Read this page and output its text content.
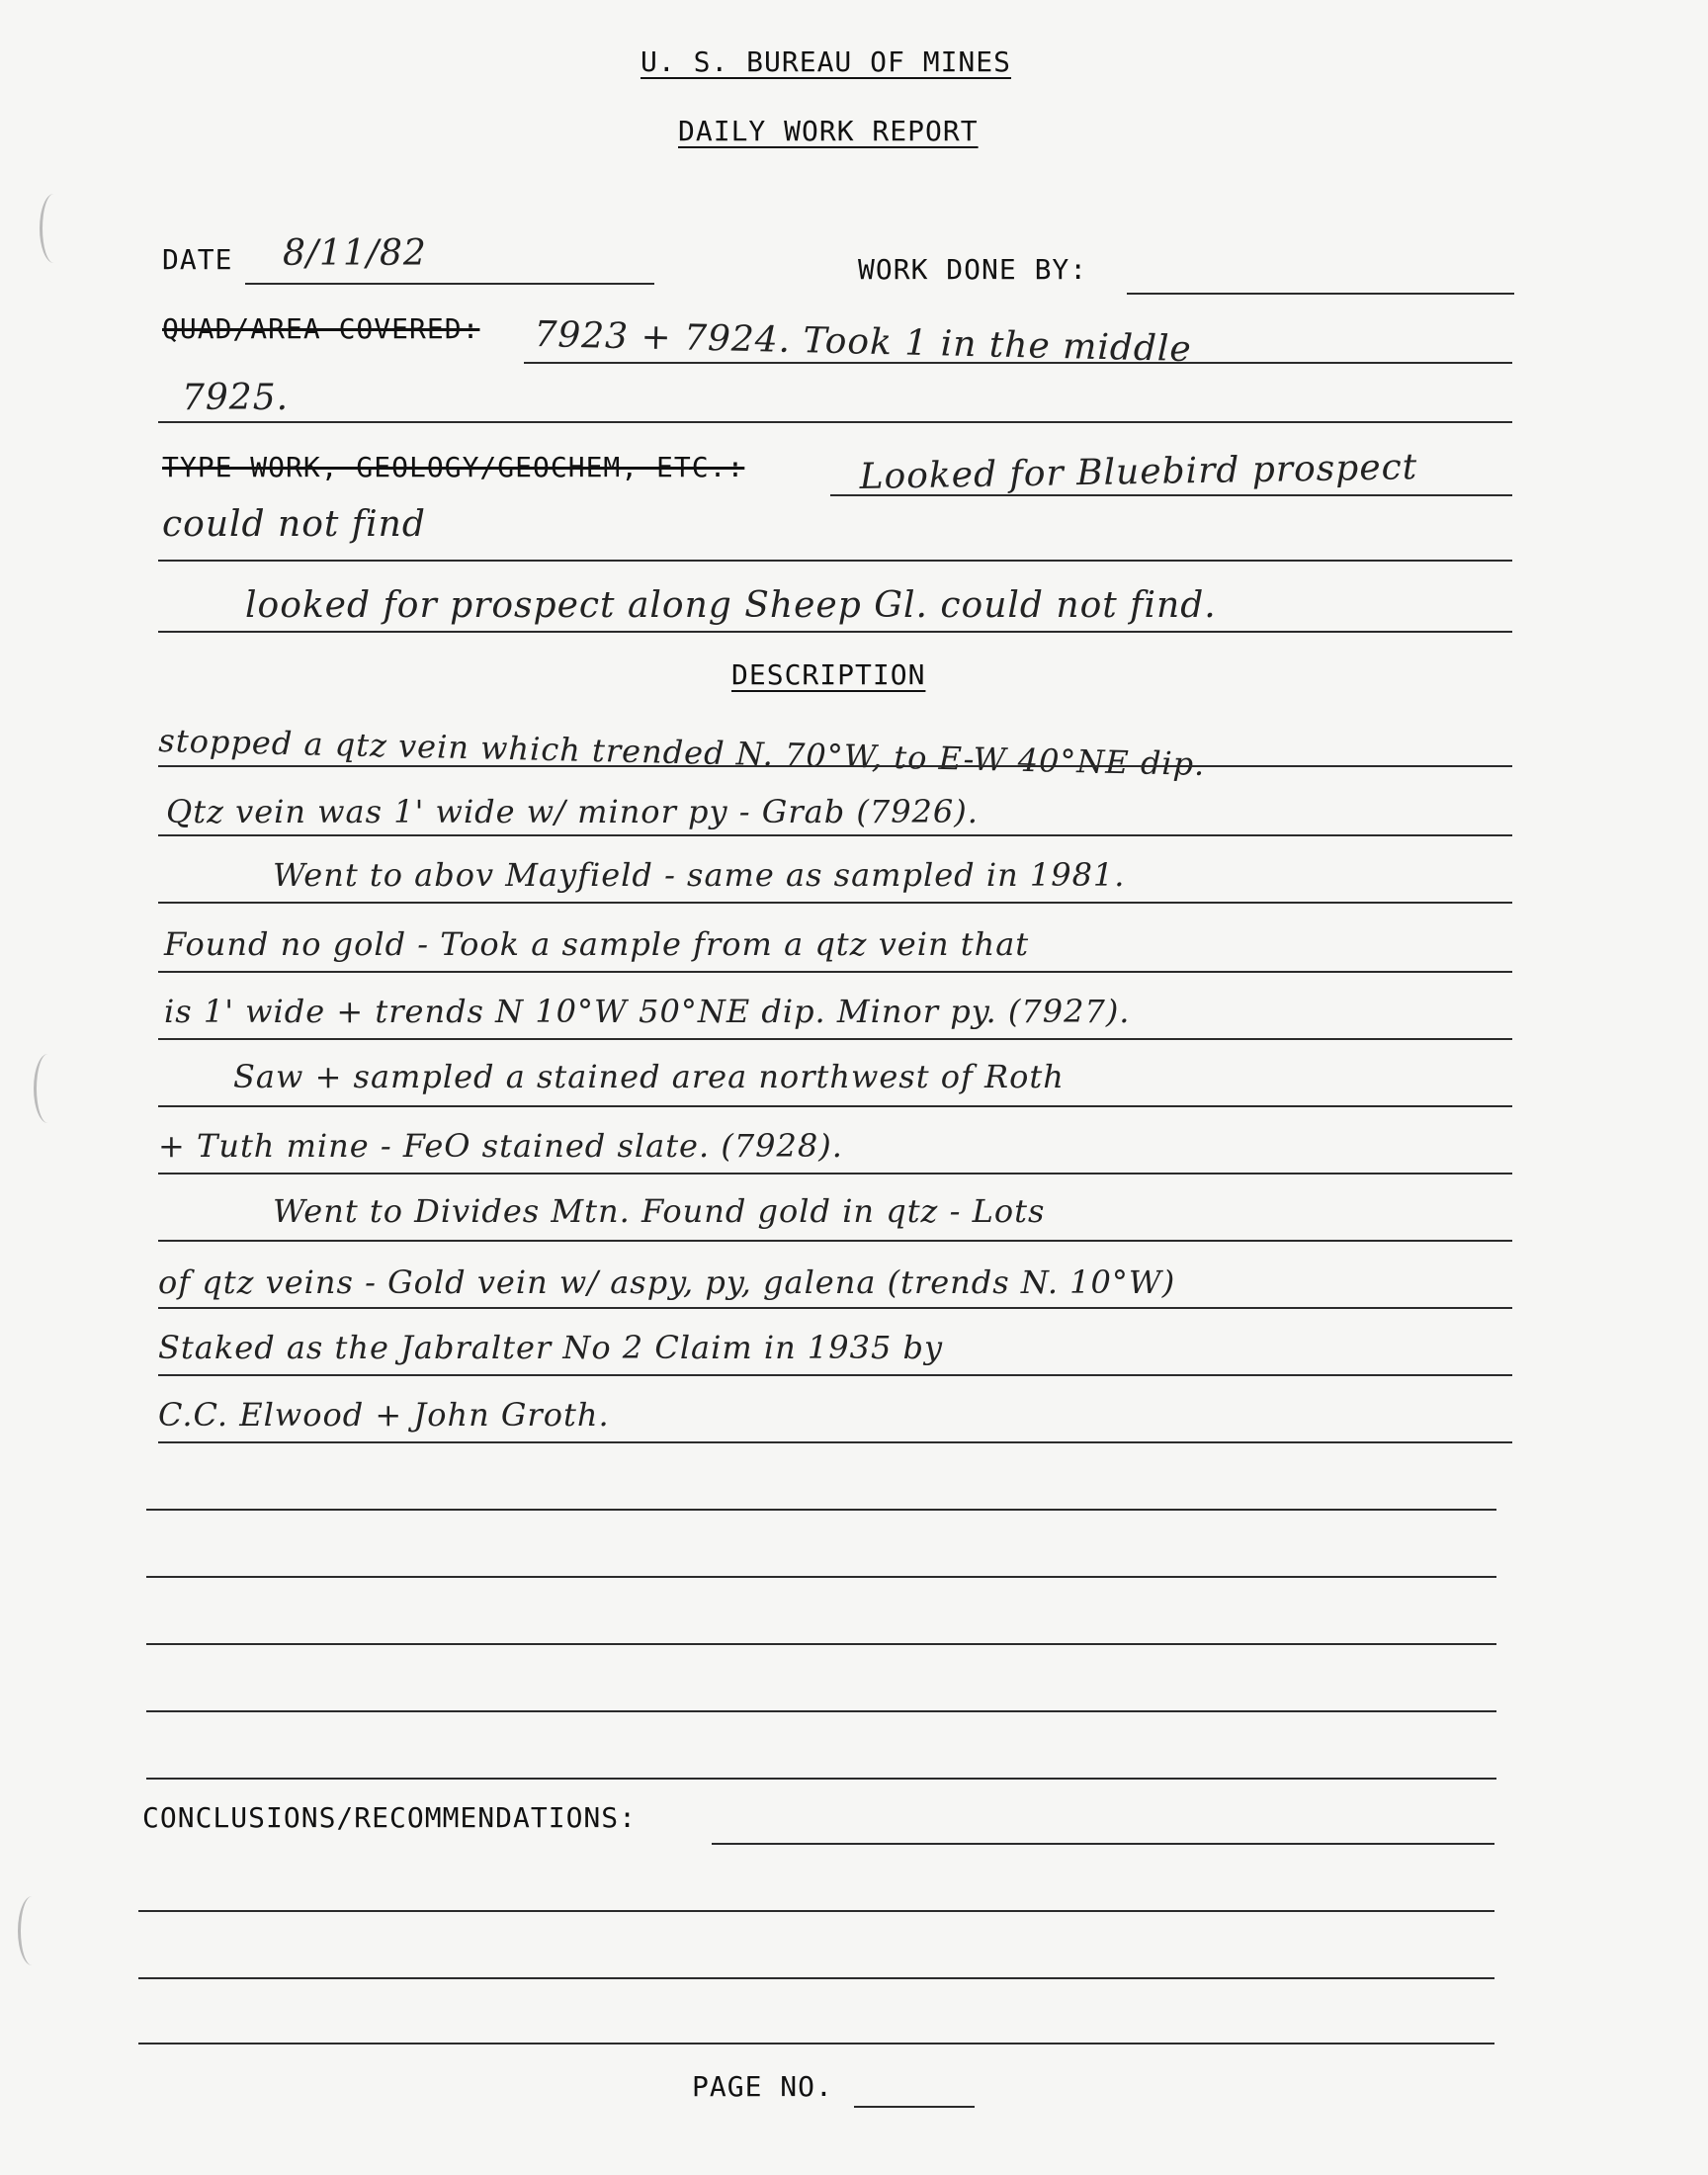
U. S. BUREAU OF MINES
DAILY WORK REPORT
DATE 8/11/82	WORK DONE BY:
QUAD/AREA COVERED: 7923 + 7924. Took 1 in the middle
7925.
TYPE WORK, GEOLOGY/GEOCHEM, ETC.:	Looked for Bluebird prospect
could not find
looked for prospect along Sheep Gl. could not find.
DESCRIPTION
stopped a qtz vein which trended N. 70°W, to E-W 40°NE dip.
Qtz vein was 1' wide w/ minor py - Grab (7926).
Went to abov Mayfield - same as sampled in 1981.
Found no gold - Took a sample from a qtz vein that
is 1' wide + trends N 10°W 50°NE dip. Minor py. (7927).
Saw + sampled a stained area northwest of Roth
+ Tuth mine - FeO stained slate. (7928).
Went to Divides Mtn. Found gold in qtz - Lots
of qtz veins - Gold vein w/ aspy, py, galena (trends N. 10°W)
Staked as the Jabralter No 2 Claim in 1935 by
C.C. Elwood + John Groth.
CONCLUSIONS/RECOMMENDATIONS:
PAGE NO.
